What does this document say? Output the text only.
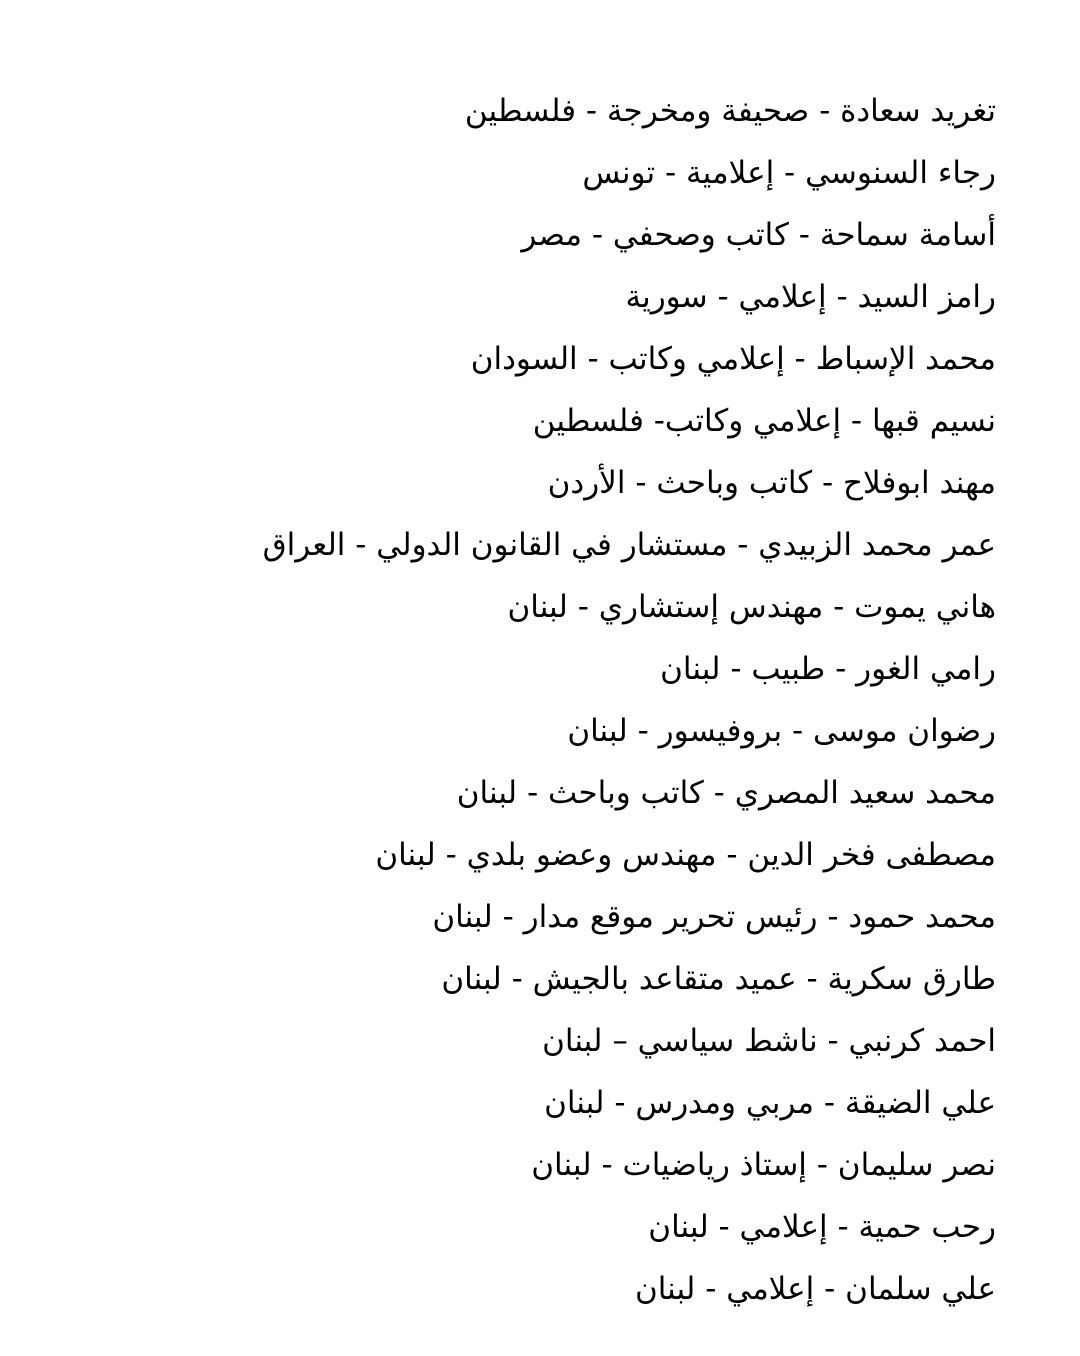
تغريد سعادة - صحيفة ومخرجة - فلسطين
رجاء السنوسي - إعلامية - تونس
أسامة سماحة - كاتب وصحفي - مصر
رامز السيد - إعلامي - سورية
محمد الإسباط - إعلامي وكاتب - السودان
نسيم قبها - إعلامي وكاتب- فلسطين
مهند ابوفلاح - كاتب وباحث - الأردن
عمر محمد الزبيدي - مستشار في القانون الدولي - العراق
هاني يموت - مهندس إستشاري - لبنان
رامي الغور - طبيب - لبنان
رضوان موسى - بروفيسور - لبنان
محمد سعيد المصري - كاتب وباحث - لبنان
مصطفى فخر الدين - مهندس وعضو بلدي - لبنان
محمد حمود - رئيس تحرير موقع مدار - لبنان
طارق سكرية - عميد متقاعد بالجيش - لبنان
احمد كرنبي - ناشط سياسي – لبنان
علي الضيقة - مربي ومدرس - لبنان
نصر سليمان - إستاذ رياضيات - لبنان
رحب حمية - إعلامي - لبنان
علي سلمان - إعلامي - لبنان
